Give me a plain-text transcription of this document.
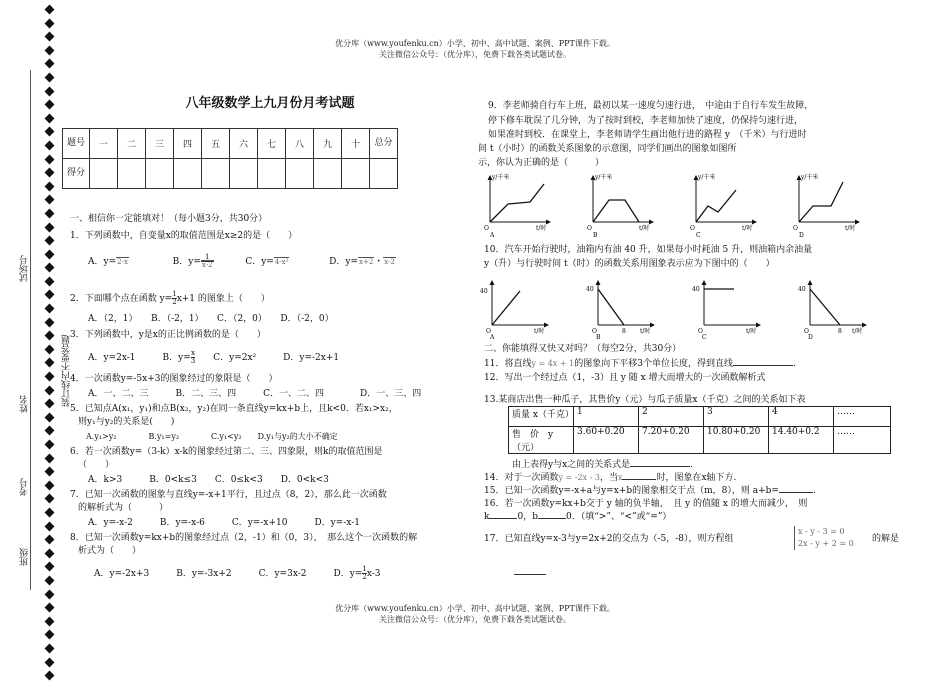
优分库（www.youfenku.cn）小学、初中、高中试题、案例、PPT课件下载。
关注微信公众号：（优分库），免费下载各类试题试卷。
优分库（www.youfenku.cn）小学、初中、高中试题、案例、PPT课件下载。
关注微信公众号：（优分库），免费下载各类试题试卷。
试场号
装订线内不要答题
姓名
考号
班级
八年级数学上九月份月考试题
题号	一	二	三	四	五	六	七	八	九	十	总分
得分											
一、相信你一定能填对！（每小题3分，共30分）
1．下列函数中，自变量x的取值范围是x≥2的是（　　）
A．y=2-x	B．$y= \frac{1}{x-2}$	C．y=4-x²	D．y=x+2 · x-2
2．下面哪个点在函数 $y= \frac{1}{2}x+1$ 的图象上（　　）
A．（2，1）　　B．（-2，1）　　C．（2，0）　　D．（-2，0）
3．下列函数中，y是x的正比例函数的是（　　）
A．y=2x-1　　　B．$y= \frac{x}{3}$　　C．y=2x²　　　D．y=-2x+1
4．一次函数y=-5x+3的图象经过的象限是（　　）
A．一、二、三　　　B．二、三、四　　　C．一、二、四　　　　D．一、三、四
5．已知点A(x₁，y₁)和点B(x₂，y₂)在同一条直线y=kx+b上，且k<0．若x₁>x₂，
则y₁与y₂的关系是(　　)
A.y₁>y₂　　　　B.y₁=y₂　　　　C.y₁<y₂　　D.y₁与y₂的大小不确定
6．若一次函数y=（3-k）x-k的图象经过第二、三、四象限，则k的取值范围是
（　　）
A．k>3　　　B．0<k≤3　　C．0≤k<3　　D．0<k<3
7．已知一次函数的图象与直线y=-x+1平行，且过点（8，2），那么此一次函数
的解析式为（　　　）
A．y=-x-2　　　B．y=-x-6　　　C．y=-x+10　　　D．y=-x-1
8．已知一次函数y=kx+b的图象经过点（2，-1）和（0，3），　那么这个一次函数的解
析式为（　　）
A．y=-2x+3　　　B．y=-3x+2　　　C．y=3x-2　　　D．$y= \frac{1}{2}x-3$
9．李老师骑自行车上班，最初以某一速度匀速行进，　中途由于自行车发生故障，
停下修车耽误了几分钟，为了按时到校，李老师加快了速度，仍保持匀速行进，
如果准时到校．在课堂上，李老师请学生画出他行进的路程 y　（千米）与行进时
间 t（小时）的函数关系图象的示意图，同学们画出的图象如图所
示，你认为正确的是（　　　）
y/千米
t/时
O
A
y/千米
t/时
O
B
y/千米
t/时
O
C
y/千米
t/时
O
D
10．汽车开始行驶时，油箱内有油 40 升，如果每小时耗油 5 升，则油箱内余油量
y（升）与行驶时间 t（时）的函数关系用图象表示应为下图中的（　　）
40
O	t/时
A
40
8
O	t/时
B
40
O	t/时
C
40
8
O	t/时
D
二、你能填得又快又对吗？（每空2分，共30分）
11．将直线y = 4x + 1的图象向下平移3个单位长度，得到直线	.
12．写出一个经过点（1，-3）且 y 随 x 增大而增大的一次函数解析式
13.某商店出售一种瓜子，其售价y（元）与瓜子质量x（千克）之间的关系如下表
质量 x（千克）	1	2	3	4	……
售　价　y（元）	3.60+0.20	7.20+0.20	10.80+0.20	14.40+0.2	……
由上表得y与x之间的关系式是	.
14．对于一次函数y = -2x - 3，当x	时，图象在x轴下方.
15．已知一次函数y=-x+a与y=x+b的图象相交于点（m，8），则 a+b=	.
16．若一次函数y=kx+b交于 y 轴的负半轴，　且 y 的值随 x 的增大而减少，　则
k	0，b	0．（填“>”、“<”或“=”）
17．已知直线y=x-3与y=2x+2的交点为（-5，-8），则方程组
x - y - 3 = 0
2x - y + 2 = 0 的解是
